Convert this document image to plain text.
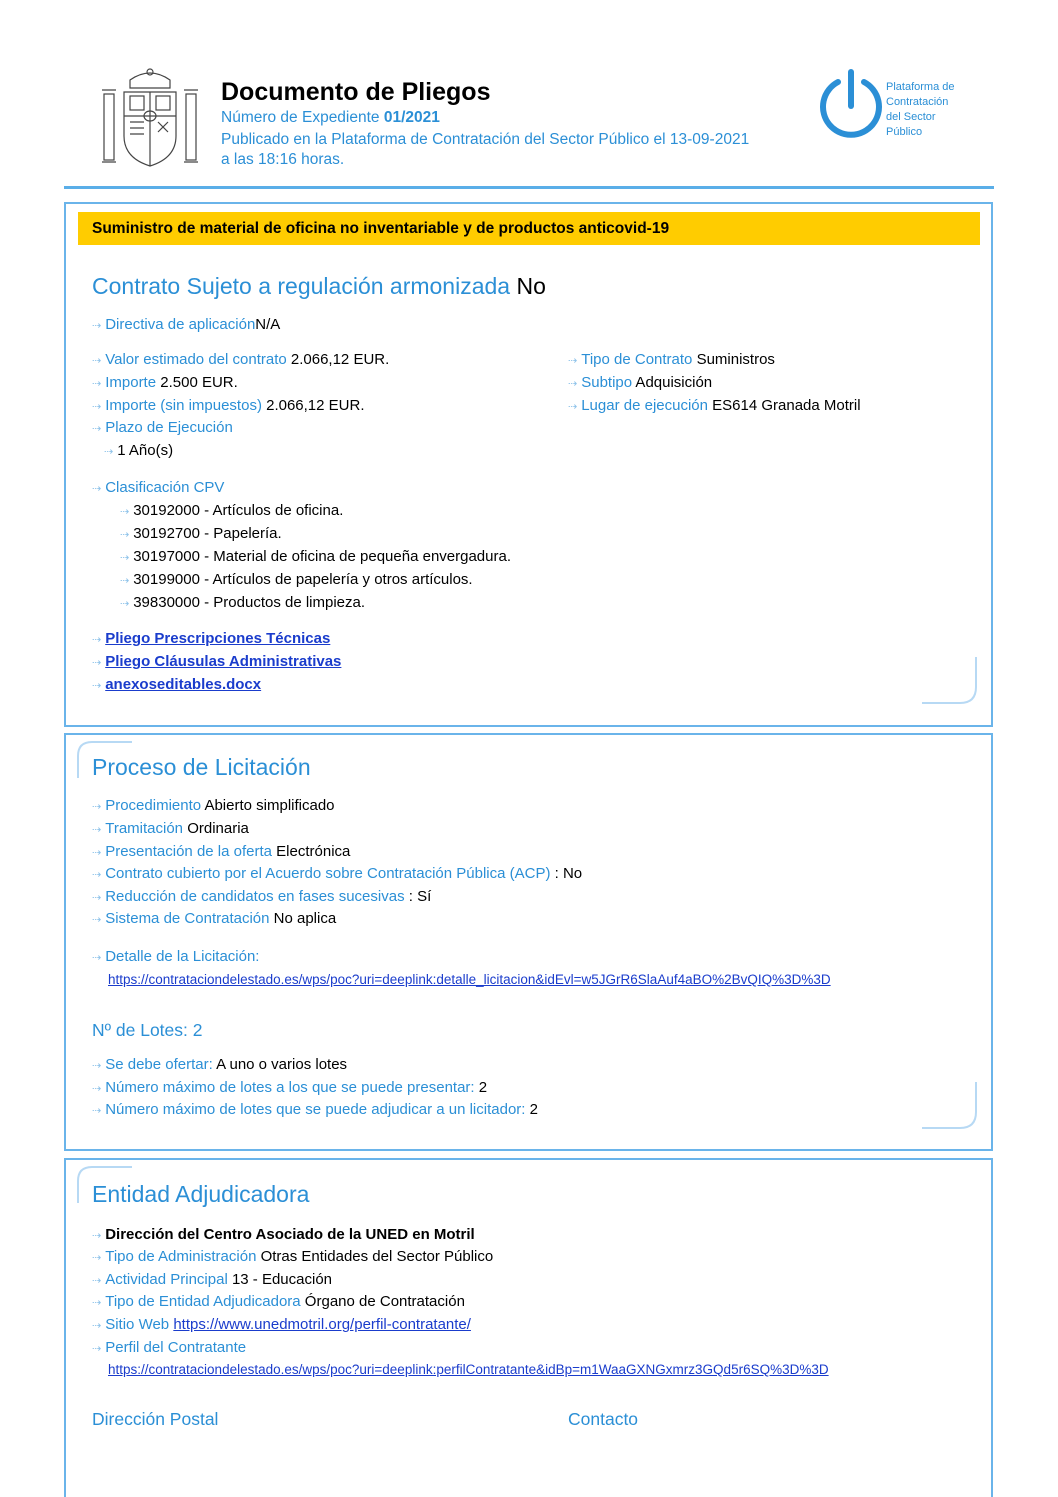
Documento de Pliegos
Número de Expediente 01/2021
Publicado en la Plataforma de Contratación del Sector Público el 13-09-2021
a las 18:16 horas.
Plataforma de
Contratación
del Sector
Público
Suministro de material de oficina no inventariable y de productos anticovid-19
Contrato Sujeto a regulación armonizada No
⇢ Directiva de aplicaciónN/A
⇢ Valor estimado del contrato 2.066,12 EUR.
⇢ Importe 2.500 EUR.
⇢ Importe (sin impuestos) 2.066,12 EUR.
⇢ Plazo de Ejecución
⇢ 1 Año(s)
⇢ Tipo de Contrato Suministros
⇢ Subtipo Adquisición
⇢ Lugar de ejecución ES614 Granada Motril
⇢ Clasificación CPV
⇢ 30192000 - Artículos de oficina.
⇢ 30192700 - Papelería.
⇢ 30197000 - Material de oficina de pequeña envergadura.
⇢ 30199000 - Artículos de papelería y otros artículos.
⇢ 39830000 - Productos de limpieza.
⇢ Pliego Prescripciones Técnicas
⇢ Pliego Cláusulas Administrativas
⇢ anexoseditables.docx
Proceso de Licitación
⇢ Procedimiento Abierto simplificado
⇢ Tramitación Ordinaria
⇢ Presentación de la oferta Electrónica
⇢ Contrato cubierto por el Acuerdo sobre Contratación Pública (ACP) : No
⇢ Reducción de candidatos en fases sucesivas : Sí
⇢ Sistema de Contratación No aplica
⇢ Detalle de la Licitación:
https://contrataciondelestado.es/wps/poc?uri=deeplink:detalle_licitacion&idEvl=w5JGrR6SlaAuf4aBO%2BvQIQ%3D%3D
Nº de Lotes: 2
⇢ Se debe ofertar: A uno o varios lotes
⇢ Número máximo de lotes a los que se puede presentar: 2
⇢ Número máximo de lotes que se puede adjudicar a un licitador: 2
Entidad Adjudicadora
⇢ Dirección del Centro Asociado de la UNED en Motril
⇢ Tipo de Administración Otras Entidades del Sector Público
⇢ Actividad Principal 13 - Educación
⇢ Tipo de Entidad Adjudicadora Órgano de Contratación
⇢ Sitio Web https://www.unedmotril.org/perfil-contratante/
⇢ Perfil del Contratante
https://contrataciondelestado.es/wps/poc?uri=deeplink:perfilContratante&idBp=m1WaaGXNGxmrz3GQd5r6SQ%3D%3D
Dirección Postal	Contacto
